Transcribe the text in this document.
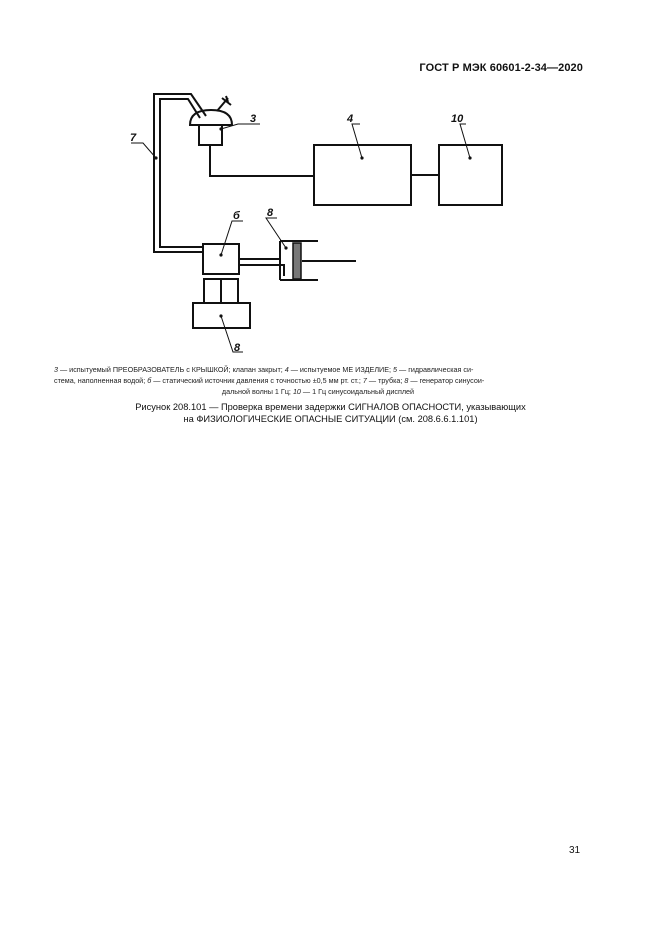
ГОСТ Р МЭК 60601-2-34—2020
3	4	10
7
б 8
8
3 — испытуемый ПРЕОБРАЗОВАТЕЛЬ с КРЫШКОЙ; клапан закрыт; 4 — испытуемое МЕ ИЗДЕЛИЕ; 5 — гидравлическая си-
стема, наполненная водой; б — статический источник давления с точностью ±0,5 мм рт. ст.; 7 — трубка; 8 — генератор синусои-
дальной волны 1 Гц; 10 — 1 Гц синусоидальный дисплей
Рисунок 208.101 — Проверка времени задержки СИГНАЛОВ ОПАСНОСТИ, указывающих
на ФИЗИОЛОГИЧЕСКИЕ ОПАСНЫЕ СИТУАЦИИ (см. 208.6.6.1.101)
31
